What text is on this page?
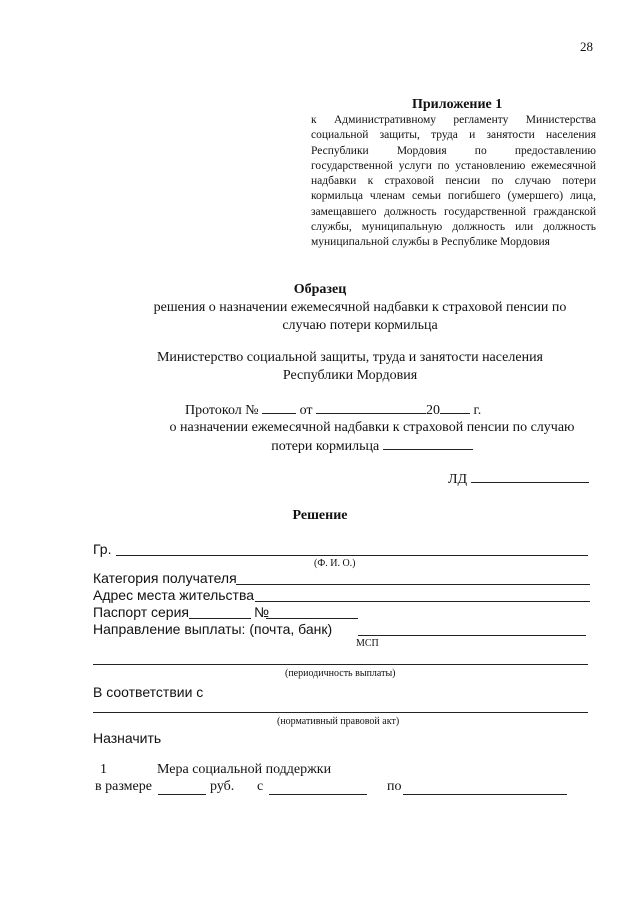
28
Приложение 1
к Административному регламенту Министерства социальной защиты, труда и занятости населения Республики Мордовия по предоставлению государственной услуги по установлению ежемесячной надбавки к страховой пенсии по случаю потери кормильца членам семьи погибшего (умершего) лица, замещавшего должность государственной гражданской службы, муниципальную должность или должность муниципальной службы в Республике Мордовия
Образец
решения о назначении ежемесячной надбавки к страховой пенсии по
случаю потери кормильца
Министерство социальной защиты, труда и занятости населения
Республики Мордовия
Протокол №	от	20 г.
о назначении ежемесячной надбавки к страховой пенсии по случаю
потери кормильца
ЛД
Решение
Гр.
(Ф. И. О.)
Категория получателя
Адрес места жительства
Паспорт серия	№
Направление выплаты: (почта, банк)
МСП
(периодичность выплаты)
В соответствии с
(нормативный правовой акт)
Назначить
1	Мера социальной поддержки
в размере	руб. с	по
